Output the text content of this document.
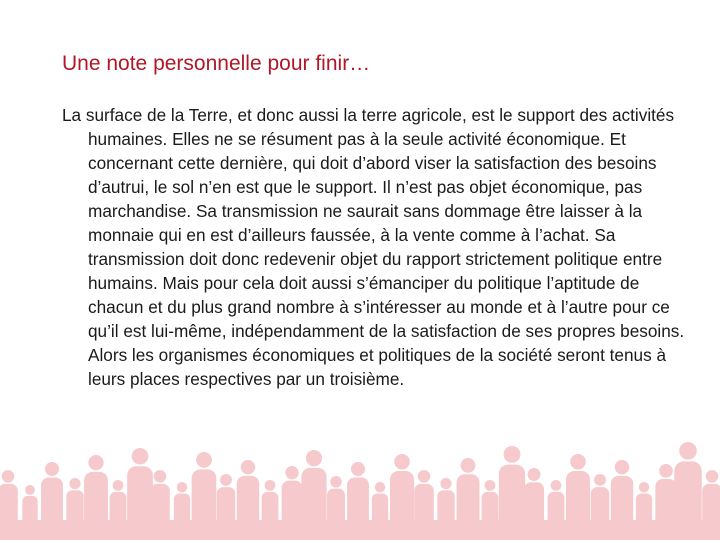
Une note personnelle pour finir…

La surface de la Terre, et donc aussi la terre agricole, est le support des activités humaines. Elles ne se résument pas à la seule activité économique. Et concernant cette dernière, qui doit d’abord viser la satisfaction des besoins d’autrui, le sol n’en est que le support. Il n’est pas objet économique, pas marchandise. Sa transmission ne saurait sans dommage être laisser à la monnaie qui en est d’ailleurs faussée, à la vente comme à l’achat. Sa transmission doit donc redevenir objet du rapport strictement politique entre humains. Mais pour cela doit aussi s’émanciper du politique l’aptitude de chacun et du plus grand nombre à s’intéresser au monde et à l’autre pour ce qu’il est lui-même, indépendamment de la satisfaction de ses propres besoins. Alors les organismes économiques et politiques de la société seront tenus à leurs places respectives par un troisième.
